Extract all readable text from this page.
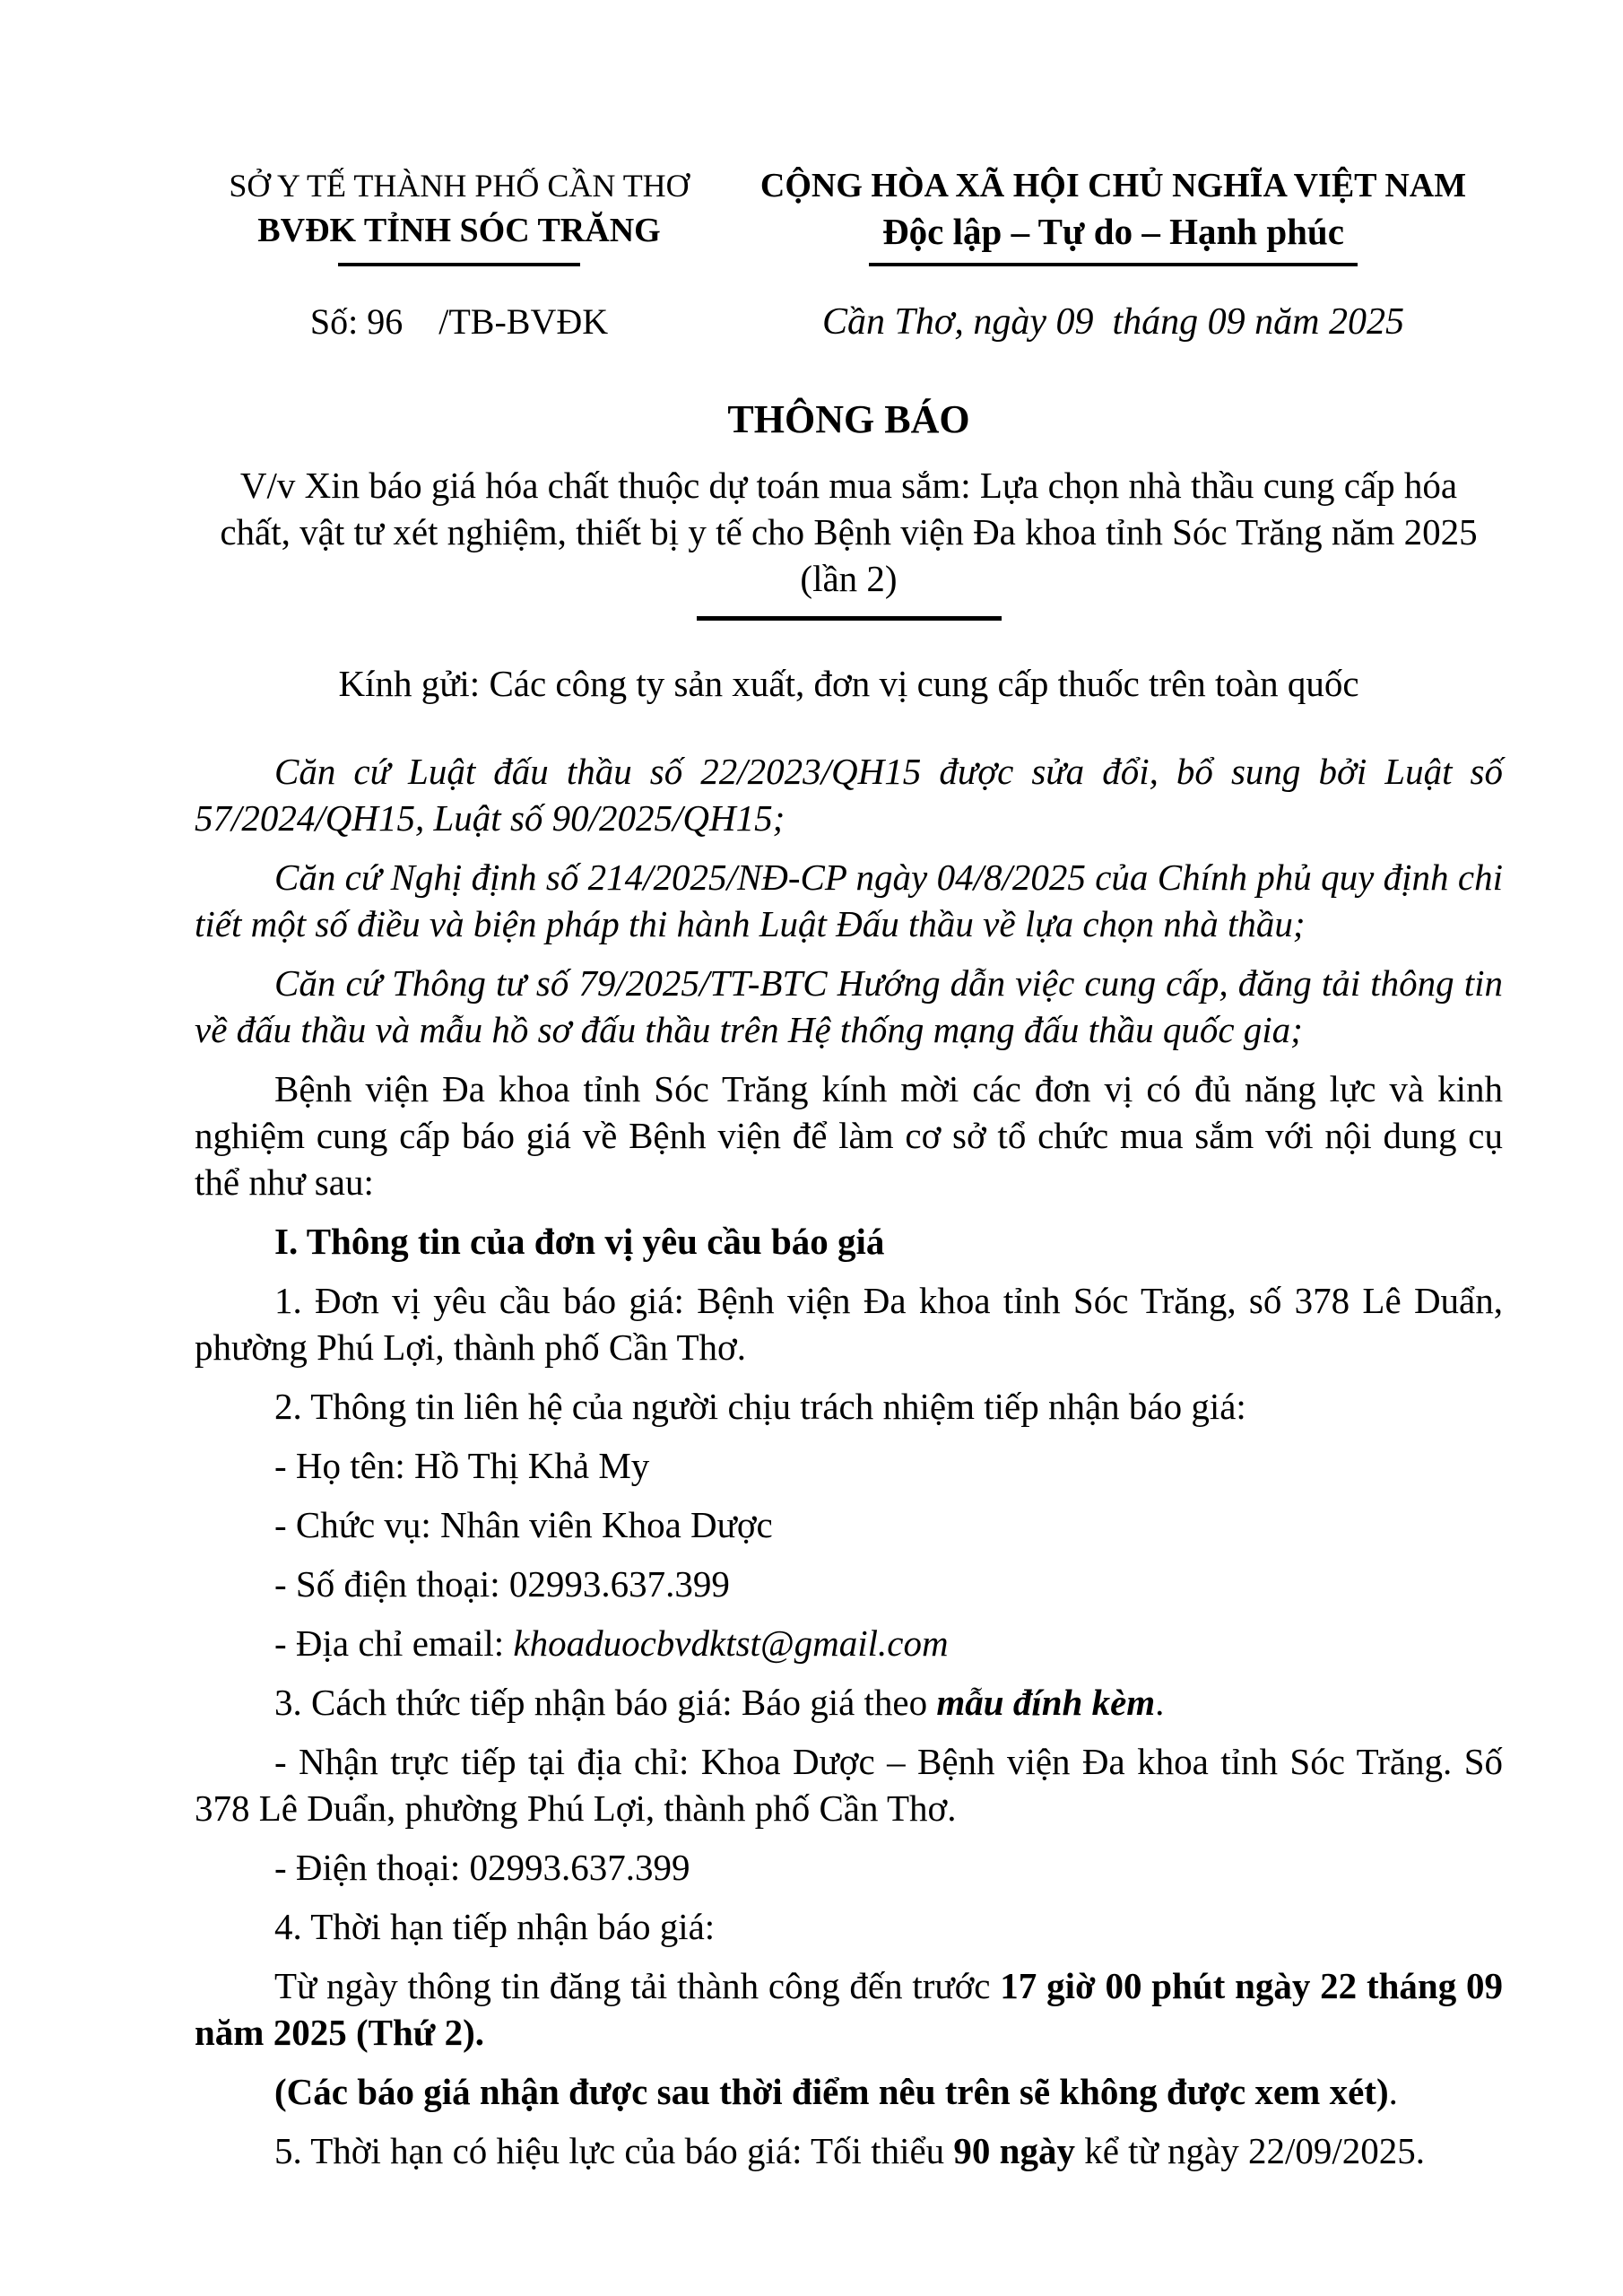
SỞ Y TẾ THÀNH PHỐ CẦN THƠ
BVĐK TỈNH SÓC TRĂNG
CỘNG HÒA XÃ HỘI CHỦ NGHĨA VIỆT NAM
Độc lập – Tự do – Hạnh phúc
Số: 96    /TB-BVĐK	Cần Thơ, ngày 09  tháng 09 năm 2025
THÔNG BÁO
V/v Xin báo giá hóa chất thuộc dự toán mua sắm: Lựa chọn nhà thầu cung cấp hóa
chất, vật tư xét nghiệm, thiết bị y tế cho Bệnh viện Đa khoa tỉnh Sóc Trăng năm 2025
(lần 2)
Kính gửi: Các công ty sản xuất, đơn vị cung cấp thuốc trên toàn quốc

Căn cứ Luật đấu thầu số 22/2023/QH15 được sửa đổi, bổ sung bởi Luật số 57/2024/QH15, Luật số 90/2025/QH15;

Căn cứ Nghị định số 214/2025/NĐ-CP ngày 04/8/2025 của Chính phủ quy định chi tiết một số điều và biện pháp thi hành Luật Đấu thầu về lựa chọn nhà thầu;

Căn cứ Thông tư số 79/2025/TT-BTC Hướng dẫn việc cung cấp, đăng tải thông tin về đấu thầu và mẫu hồ sơ đấu thầu trên Hệ thống mạng đấu thầu quốc gia;

Bệnh viện Đa khoa tỉnh Sóc Trăng kính mời các đơn vị có đủ năng lực và kinh nghiệm cung cấp báo giá về Bệnh viện để làm cơ sở tổ chức mua sắm với nội dung cụ thể như sau:

I. Thông tin của đơn vị yêu cầu báo giá

1. Đơn vị yêu cầu báo giá: Bệnh viện Đa khoa tỉnh Sóc Trăng, số 378 Lê Duẩn, phường Phú Lợi, thành phố Cần Thơ.

2. Thông tin liên hệ của người chịu trách nhiệm tiếp nhận báo giá:

- Họ tên: Hồ Thị Khả My

- Chức vụ: Nhân viên Khoa Dược

- Số điện thoại: 02993.637.399

- Địa chỉ email: khoaduocbvdktst@gmail.com

3. Cách thức tiếp nhận báo giá: Báo giá theo mẫu đính kèm.

- Nhận trực tiếp tại địa chỉ: Khoa Dược – Bệnh viện Đa khoa tỉnh Sóc Trăng. Số 378 Lê Duẩn, phường Phú Lợi, thành phố Cần Thơ.

- Điện thoại: 02993.637.399

4. Thời hạn tiếp nhận báo giá:

Từ ngày thông tin đăng tải thành công đến trước 17 giờ 00 phút ngày 22 tháng 09 năm 2025 (Thứ 2).

(Các báo giá nhận được sau thời điểm nêu trên sẽ không được xem xét).

5. Thời hạn có hiệu lực của báo giá: Tối thiểu 90 ngày kể từ ngày 22/09/2025.
